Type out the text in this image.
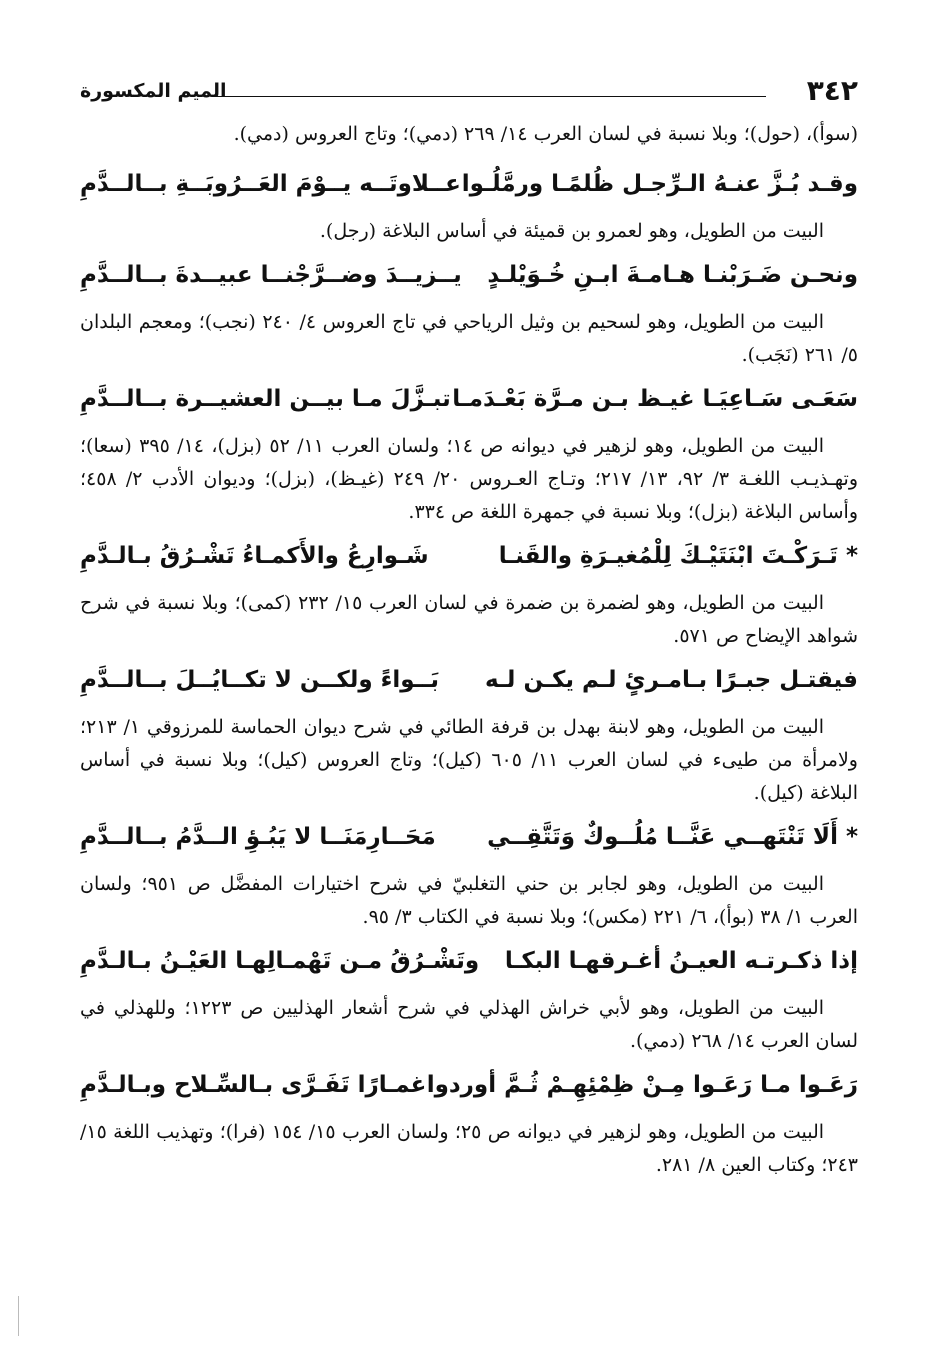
٣٤٢
الميم المكسورة

(سوأ)، (حول)؛ وبلا نسبة في لسان العرب ١٤/ ٢٦٩ (دمي)؛ وتاج العروس (دمي).

وقـد بُـزَّ عنـهُ الـرِّجـل ظُلمًـا ورمَّلُـوا
عــلاوتَــه يــوْمَ العَــرُوبَــةِ بــالــدَّمِ

البيت من الطويل، وهو لعمرو بن قميئة في أساس البلاغة (رجل).

ونحـن ضَـرَبْنـا هـامـةَ ابـنِ خُـوَيْلـدٍ
يــزيــدَ وضــرَّجْنــا عبيــدةَ بــالــدَّمِ

البيت من الطويل، وهو لسحيم بن وثيل الرياحي في تاج العروس ٤/ ٢٤٠ (نجب)؛ ومعجم البلدان ٥/ ٢٦١ (نَجَب).

سَعَـى سَـاعِيَـا غيـظ بـن مـرَّة بَعْـدَمـا
تبـزَّلَ مـا بيــن العشيــرة بــالــدَّمِ

البيت من الطويل، وهو لزهير في ديوانه ص ١٤؛ ولسان العرب ١١/ ٥٢ (بزل)، ١٤/ ٣٩٥ (سعا)؛ وتهـذيـب اللغـة ٣/ ٩٢، ١٣/ ٢١٧؛ وتـاج العـروس ٢٠/ ٢٤٩ (غيـظ)، (بزل)؛ وديوان الأدب ٢/ ٤٥٨؛ وأساس البلاغة (بزل)؛ وبلا نسبة في جمهرة اللغة ص ٣٣٤.

* تَـرَكْـتَ ابْنَتَيْـكَ لِلْمُغيـرَةِ والقَنـا
شَـوارِعُ والأَكمـاءُ تَشْـرُقُ بـالـدَّمِ

البيت من الطويل، وهو لضمرة بن ضمرة في لسان العرب ١٥/ ٢٣٢ (كمى)؛ وبلا نسبة في شرح شواهد الإيضاح ص ٥٧١.

فيقتـل جبـرًا بـامـرئٍ لـم يكـن لـه
بَــواءً ولكــن لا تكــايُــلَ بــالــدَّمِ

البيت من الطويل، وهو لابنة بهدل بن قرفة الطائي في شرح ديوان الحماسة للمرزوقي ١/ ٢١٣؛ ولامرأة من طيىء في لسان العرب ١١/ ٦٠٥ (كيل)؛ وتاج العروس (كيل)؛ وبلا نسبة في أساس البلاغة (كيل).

* أَلَا تَنْتَهــي عَنَّــا مُلُــوكٌ وَتَتَّقِــي
مَحَــارِمَنَــا لا يَبُـؤِ الــدَّمُ بــالــدَّمِ

البيت من الطويل، وهو لجابر بن حني التغلبيّ في شرح اختيارات المفضَّل ص ٩٥١؛ ولسان العرب ١/ ٣٨ (بوأ)، ٦/ ٢٢١ (مكس)؛ وبلا نسبة في الكتاب ٣/ ٩٥.

إذا ذكـرتـه العيـنُ أغـرقهـا البكـا
وتَشْـرُقُ مـن تَهْمـالِهـا العَيْـنُ بـالـدَّمِ

البيت من الطويل، وهو لأبي خراش الهذلي في شرح أشعار الهذليين ص ١٢٢٣؛ وللهذلي في لسان العرب ١٤/ ٢٦٨ (دمي).

رَعَـوا مـا رَعَـوا مِـنْ ظِمْئِهِـمْ ثُـمَّ أوردوا
غمـارًا تَفَـرَّى بـالسِّـلاح وبـالـدَّمِ

البيت من الطويل، وهو لزهير في ديوانه ص ٢٥؛ ولسان العرب ١٥/ ١٥٤ (فرا)؛ وتهذيب اللغة ١٥/ ٢٤٣؛ وكتاب العين ٨/ ٢٨١.
